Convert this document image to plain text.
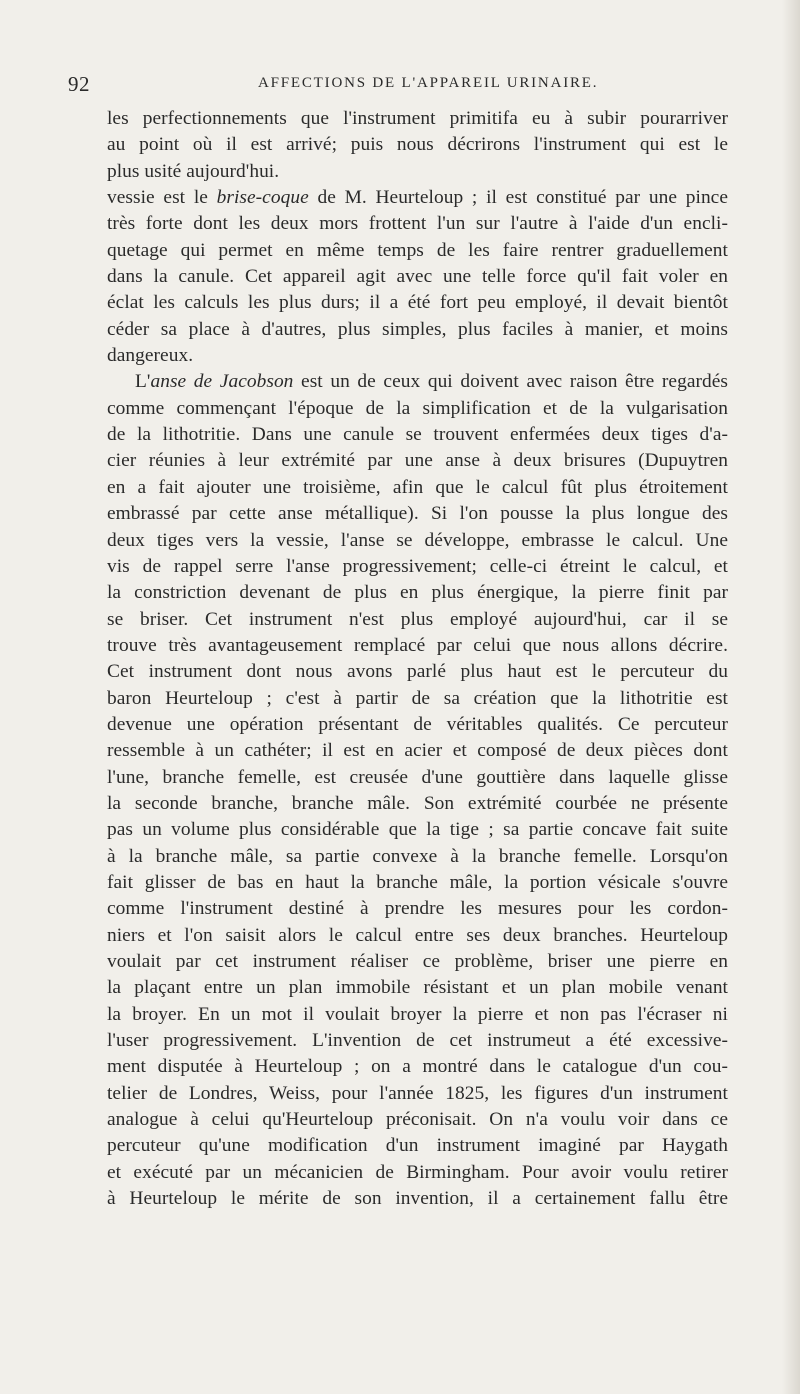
92	AFFECTIONS DE L'APPAREIL URINAIRE.
les perfectionnements que l'instrument primitifa eu à subir pourarriver
au point où il est arrivé; puis nous décrirons l'instrument qui est le
plus usité aujourd'hui.
vessie est le brise-coque de M. Heurteloup ; il est constitué par une pince
très forte dont les deux mors frottent l'un sur l'autre à l'aide d'un encli-
quetage qui permet en même temps de les faire rentrer graduellement
dans la canule. Cet appareil agit avec une telle force qu'il fait voler en
éclat les calculs les plus durs; il a été fort peu employé, il devait bientôt
céder sa place à d'autres, plus simples, plus faciles à manier, et moins
dangereux.
L'anse de Jacobson est un de ceux qui doivent avec raison être regardés
comme commençant l'époque de la simplification et de la vulgarisation
de la lithotritie. Dans une canule se trouvent enfermées deux tiges d'a-
cier réunies à leur extrémité par une anse à deux brisures (Dupuytren
en a fait ajouter une troisième, afin que le calcul fût plus étroitement
embrassé par cette anse métallique). Si l'on pousse la plus longue des
deux tiges vers la vessie, l'anse se développe, embrasse le calcul. Une
vis de rappel serre l'anse progressivement; celle-ci étreint le calcul, et
la constriction devenant de plus en plus énergique, la pierre finit par
se briser. Cet instrument n'est plus employé aujourd'hui, car il se
trouve très avantageusement remplacé par celui que nous allons décrire.
Cet instrument dont nous avons parlé plus haut est le percuteur du
baron Heurteloup ; c'est à partir de sa création que la lithotritie est
devenue une opération présentant de véritables qualités. Ce percuteur
ressemble à un cathéter; il est en acier et composé de deux pièces dont
l'une, branche femelle, est creusée d'une gouttière dans laquelle glisse
la seconde branche, branche mâle. Son extrémité courbée ne présente
pas un volume plus considérable que la tige ; sa partie concave fait suite
à la branche mâle, sa partie convexe à la branche femelle. Lorsqu'on
fait glisser de bas en haut la branche mâle, la portion vésicale s'ouvre
comme l'instrument destiné à prendre les mesures pour les cordon-
niers et l'on saisit alors le calcul entre ses deux branches. Heurteloup
voulait par cet instrument réaliser ce problème, briser une pierre en
la plaçant entre un plan immobile résistant et un plan mobile venant
la broyer. En un mot il voulait broyer la pierre et non pas l'écraser ni
l'user progressivement. L'invention de cet instrumeut a été excessive-
ment disputée à Heurteloup ; on a montré dans le catalogue d'un cou-
telier de Londres, Weiss, pour l'année 1825, les figures d'un instrument
analogue à celui qu'Heurteloup préconisait. On n'a voulu voir dans ce
percuteur qu'une modification d'un instrument imaginé par Haygath
et exécuté par un mécanicien de Birmingham. Pour avoir voulu retirer
à Heurteloup le mérite de son invention, il a certainement fallu être
